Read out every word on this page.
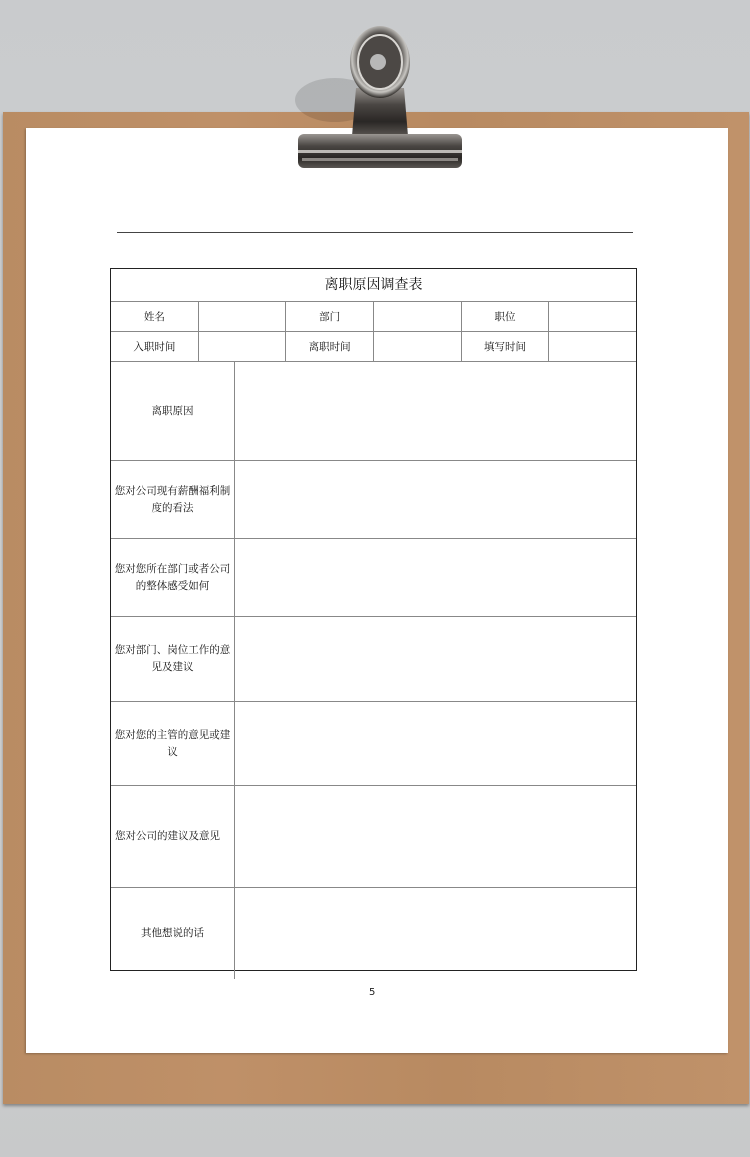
离职原因调查表
姓名	部门	职位
入职时间	离职时间	填写时间
离职原因
您对公司现有薪酬福利制度的看法
您对您所在部门或者公司的整体感受如何
您对部门、岗位工作的意见及建议
您对您的主管的意见或建议
您对公司的建议及意见
其他想说的话
5
